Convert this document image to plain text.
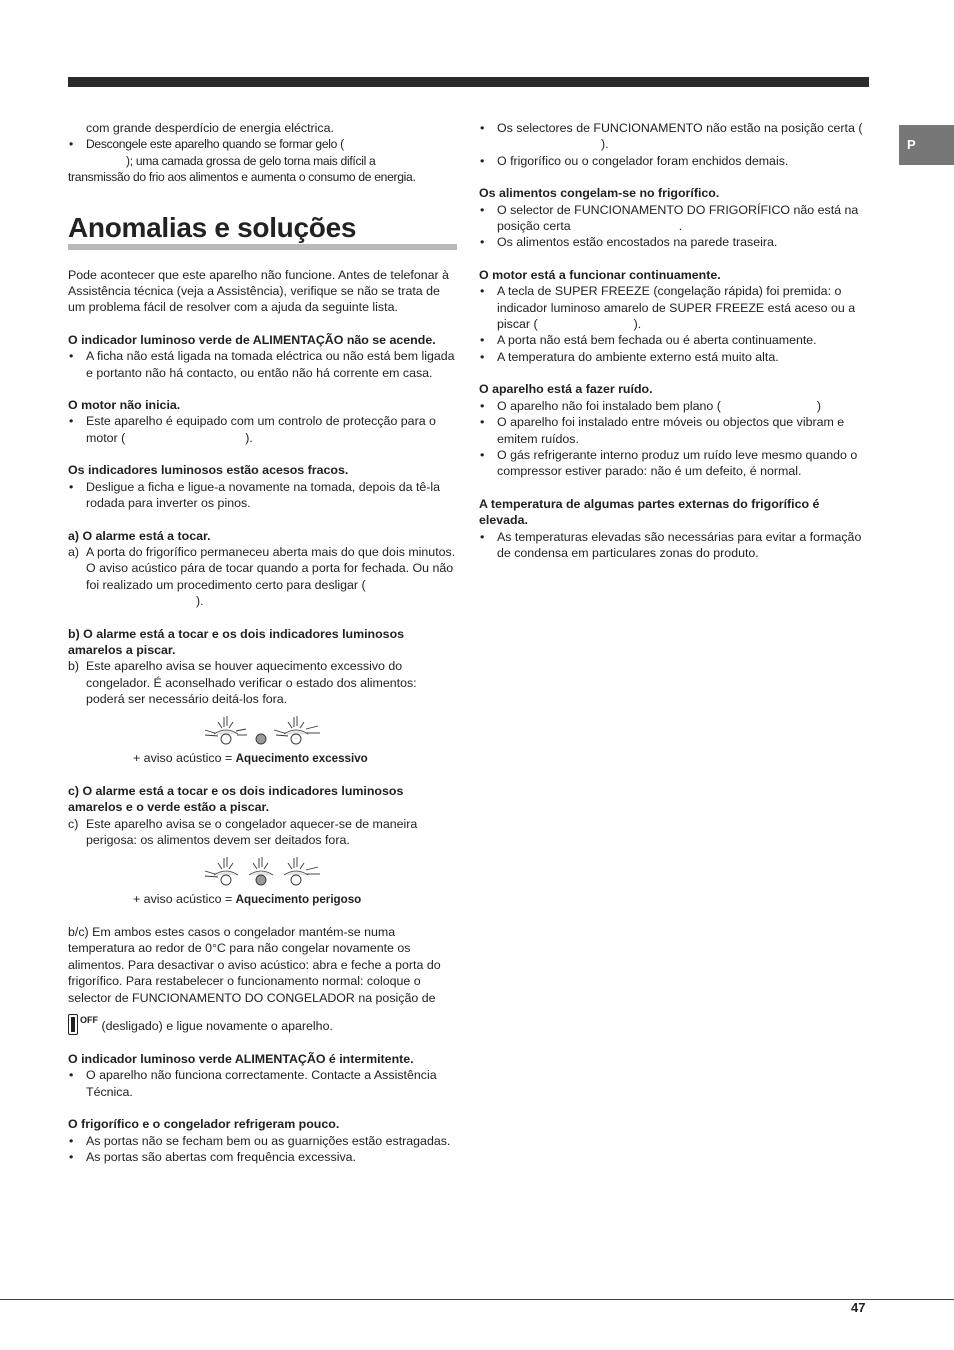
P

com grande desperdício de energia eléctrica.

• Descongele este aparelho quando se formar gelo (

); uma camada grossa de gelo torna mais difícil a
transmissão do frio aos alimentos e aumenta o consumo de energia.

Anomalias e soluções

Pode acontecer que este aparelho não funcione. Antes de telefonar à Assistência técnica (veja a Assistência), verifique se não se trata de um problema fácil de resolver com a ajuda da seguinte lista.

O indicador luminoso verde de ALIMENTAÇÃO não se acende.

• A ficha não está ligada na tomada eléctrica ou não está bem ligada e portanto não há contacto, ou então não há corrente em casa.

O motor não inicia.

• Este aparelho é equipado com um controlo de protecção para o motor (	).

Os indicadores luminosos estão acesos fracos.

• Desligue a ficha e ligue-a novamente na tomada, depois da tê-la rodada para inverter os pinos.

a) O alarme está a tocar.

a) A porta do frigorífico permaneceu aberta mais do que dois minutos. O aviso acústico pára de tocar quando a porta for fechada. Ou não foi realizado um procedimento certo para desligar ().

b) O alarme está a tocar e os dois indicadores luminosos amarelos a piscar.

b) Este aparelho avisa se houver aquecimento excessivo do congelador. É aconselhado verificar o estado dos alimentos: poderá ser necessário deitá-los fora.

+ aviso acústico = Aquecimento excessivo

c) O alarme está a tocar e os dois indicadores luminosos amarelos e o verde estão a piscar.

c) Este aparelho avisa se o congelador aquecer-se de maneira perigosa: os alimentos devem ser deitados fora.

+ aviso acústico = Aquecimento perigoso

b/c) Em ambos estes casos o congelador mantém-se numa temperatura ao redor de 0°C para não congelar novamente os alimentos. Para desactivar o aviso acústico: abra e feche a porta do frigorífico. Para restabelecer o funcionamento normal: coloque o selector de FUNCIONAMENTO DO CONGELADOR na posição de

$^{OFF}$ (desligado) e ligue novamente o aparelho.

O indicador luminoso verde ALIMENTAÇÃO é intermitente.

• O aparelho não funciona correctamente. Contacte a Assistência Técnica.

O frigorífico e o congelador refrigeram pouco.

• As portas não se fecham bem ou as guarnições estão estragadas.

• As portas são abertas com frequência excessiva.

• Os selectores de FUNCIONAMENTO não estão na posição certa ().

• O frigorífico ou o congelador foram enchidos demais.

Os alimentos congelam-se no frigorífico.

• O selector de FUNCIONAMENTO DO FRIGORÍFICO não está na posição certa	.

• Os alimentos estão encostados na parede traseira.

O motor está a funcionar continuamente.

• A tecla de SUPER FREEZE (congelação rápida) foi premida: o indicador luminoso amarelo de SUPER FREEZE está aceso ou a piscar (	).

• A porta não está bem fechada ou é aberta continuamente.

• A temperatura do ambiente externo está muito alta.

O aparelho está a fazer ruído.

• O aparelho não foi instalado bem plano (	)

• O aparelho foi instalado entre móveis ou objectos que vibram e emitem ruídos.

• O gás refrigerante interno produz um ruído leve mesmo quando o compressor estiver parado: não é um defeito, é normal.

A temperatura de algumas partes externas do frigorífico é elevada.

• As temperaturas elevadas são necessárias para evitar a formação de condensa em particulares zonas do produto.

47
